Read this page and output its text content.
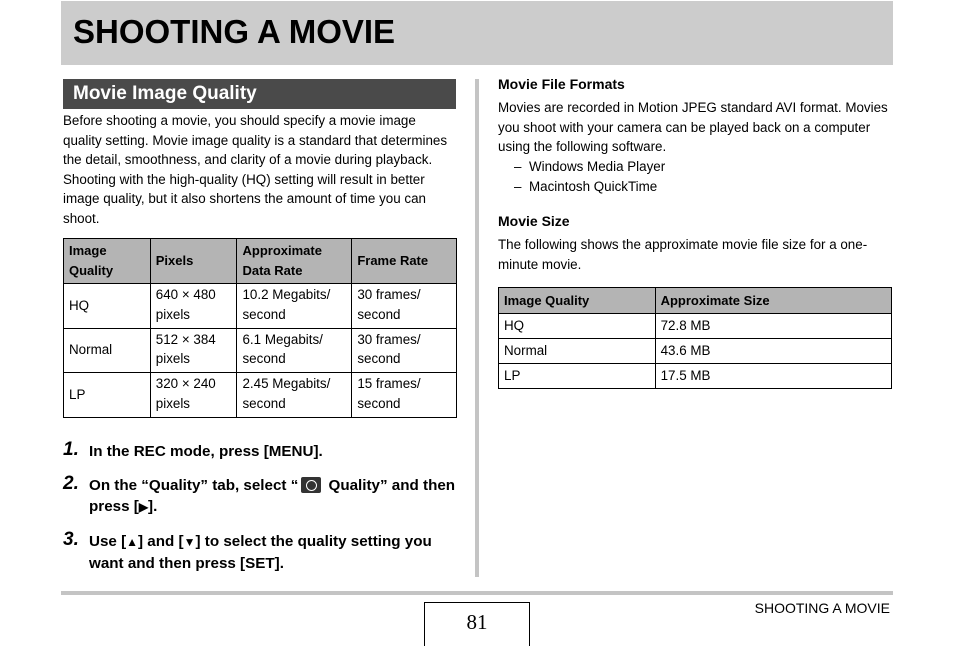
SHOOTING A MOVIE
Movie Image Quality

Before shooting a movie, you should specify a movie image quality setting. Movie image quality is a standard that determines the detail, smoothness, and clarity of a movie during playback. Shooting with the high-quality (HQ) setting will result in better image quality, but it also shortens the amount of time you can shoot.

Image Quality	Pixels	Approximate Data Rate	Frame Rate
HQ	640 × 480 pixels	10.2 Megabits/ second	30 frames/ second
Normal	512 × 384 pixels	6.1 Megabits/ second	30 frames/ second
LP	320 × 240 pixels	2.45 Megabits/ second	15 frames/ second
1. In the REC mode, press [MENU].
2. On the “Quality” tab, select “ Quality” and then press [▶].
3. Use [▲] and [▼] to select the quality setting you want and then press [SET].
Movie File Formats

Movies are recorded in Motion JPEG standard AVI format. Movies you shoot with your camera can be played back on a computer using the following software.

– Windows Media Player
– Macintosh QuickTime
Movie Size

The following shows the approximate movie file size for a one-minute movie.

Image Quality	Approximate Size
HQ	72.8 MB
Normal	43.6 MB
LP	17.5 MB
81
SHOOTING A MOVIE
